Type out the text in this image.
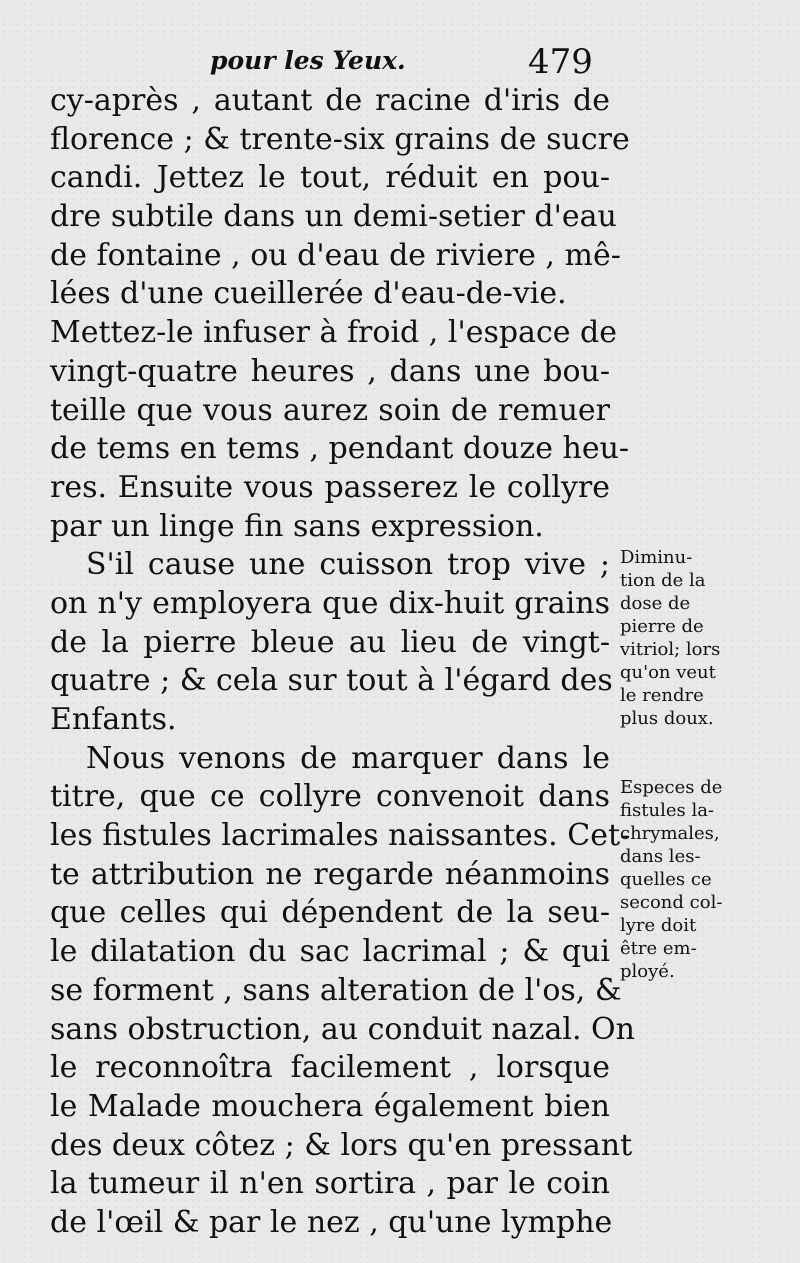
pour les Yeux.	479
cy-après , autant de racine d'iris de
florence ; & trente-six grains de sucre
candi. Jettez le tout, réduit en pou-
dre subtile dans un demi-setier d'eau
de fontaine , ou d'eau de riviere , mê-
lées d'une cueillerée d'eau-de-vie.
Mettez-le infuser à froid , l'espace de
vingt-quatre heures , dans une bou-
teille que vous aurez soin de remuer
de tems en tems , pendant douze heu-
res. Ensuite vous passerez le collyre
par un linge fin sans expression.
S'il cause une cuisson trop vive ;
on n'y employera que dix-huit grains
de la pierre bleue au lieu de vingt-
quatre ; & cela sur tout à l'égard des
Enfants.
Nous venons de marquer dans le
titre, que ce collyre convenoit dans
les fistules lacrimales naissantes. Cet-
te attribution ne regarde néanmoins
que celles qui dépendent de la seu-
le dilatation du sac lacrimal ; & qui
se forment , sans alteration de l'os, &
sans obstruction, au conduit nazal. On
le reconnoîtra facilement , lorsque
le Malade mouchera également bien
des deux côtez ; & lors qu'en pressant
la tumeur il n'en sortira , par le coin
de l'œil & par le nez , qu'une lymphe
Diminu-
tion de la
dose de
pierre de
vitriol; lors
qu'on veut
le rendre
plus doux.
Especes de
fistules la-
chrymales,
dans les-
quelles ce
second col-
lyre doit
être em-
ployé.
